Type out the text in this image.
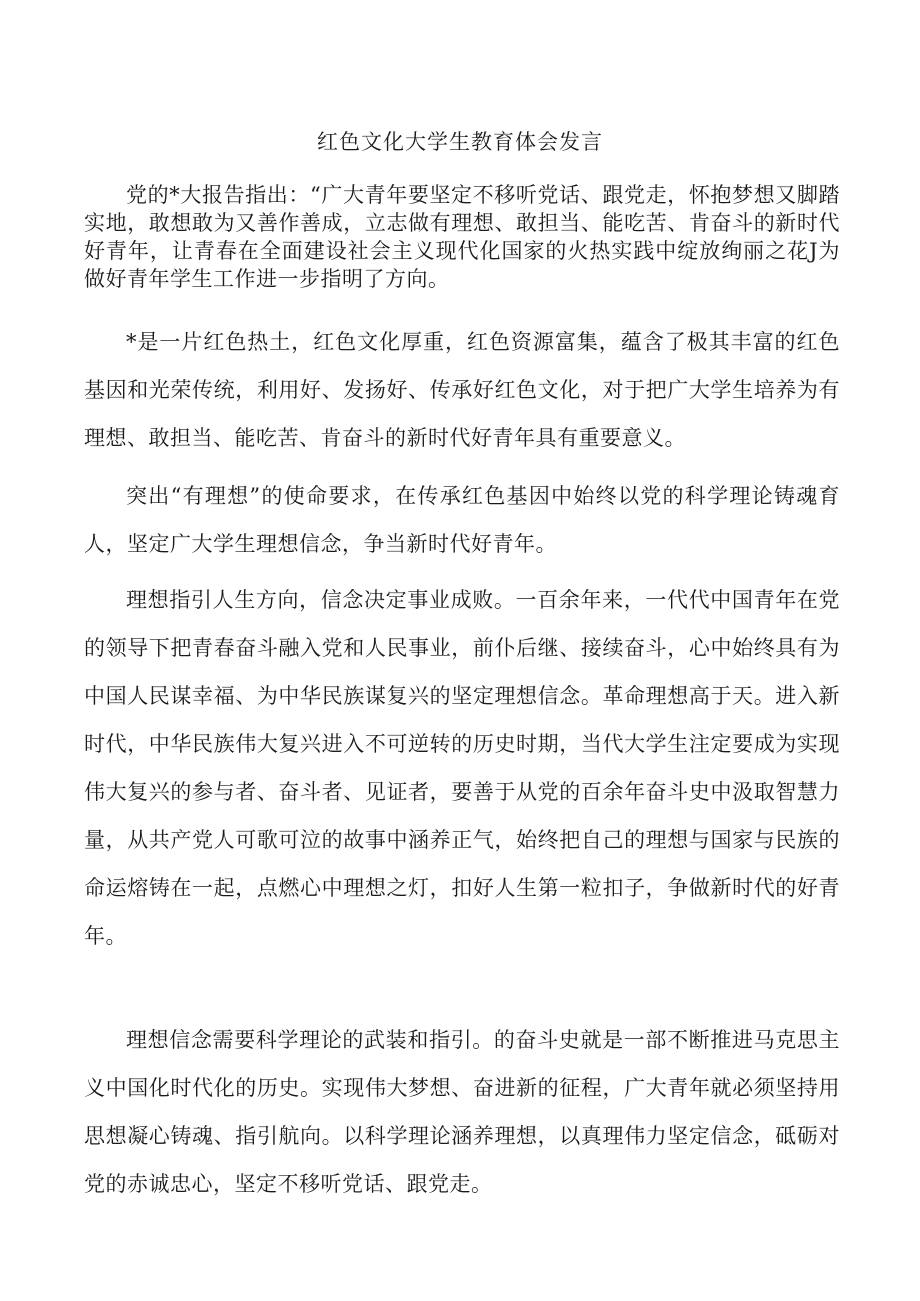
红色文化大学生教育体会发言

党的*大报告指出：“广大青年要坚定不移听党话、跟党走，怀抱梦想又脚踏实地，敢想敢为又善作善成，立志做有理想、敢担当、能吃苦、肯奋斗的新时代好青年，让青春在全面建设社会主义现代化国家的火热实践中绽放绚丽之花J为做好青年学生工作进一步指明了方向。

*是一片红色热土，红色文化厚重，红色资源富集，蕴含了极其丰富的红色基因和光荣传统，利用好、发扬好、传承好红色文化，对于把广大学生培养为有理想、敢担当、能吃苦、肯奋斗的新时代好青年具有重要意义。

突出“有理想”的使命要求，在传承红色基因中始终以党的科学理论铸魂育人，坚定广大学生理想信念，争当新时代好青年。

理想指引人生方向，信念决定事业成败。一百余年来，一代代中国青年在党的领导下把青春奋斗融入党和人民事业，前仆后继、接续奋斗，心中始终具有为中国人民谋幸福、为中华民族谋复兴的坚定理想信念。革命理想高于天。进入新时代，中华民族伟大复兴进入不可逆转的历史时期，当代大学生注定要成为实现伟大复兴的参与者、奋斗者、见证者，要善于从党的百余年奋斗史中汲取智慧力量，从共产党人可歌可泣的故事中涵养正气，始终把自己的理想与国家与民族的命运熔铸在一起，点燃心中理想之灯，扣好人生第一粒扣子，争做新时代的好青年。

理想信念需要科学理论的武装和指引。的奋斗史就是一部不断推进马克思主义中国化时代化的历史。实现伟大梦想、奋进新的征程，广大青年就必须坚持用思想凝心铸魂、指引航向。以科学理论涵养理想，以真理伟力坚定信念，砥砺对党的赤诚忠心，坚定不移听党话、跟党走。
